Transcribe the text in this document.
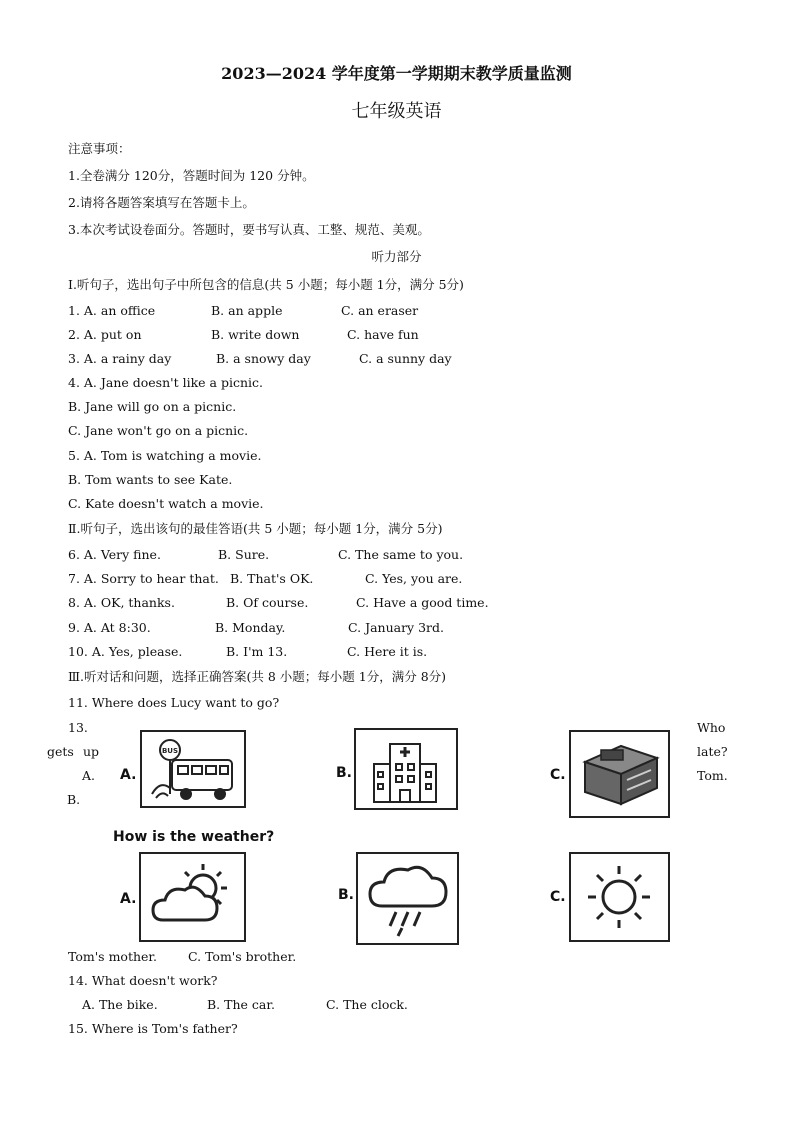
2023—2024 学年度第一学期期末教学质量监测
七年级英语
注意事项：
1.全卷满分 120分，答题时间为 120 分钟。
2.请将各题答案填写在答题卡上。
3.本次考试设卷面分。答题时，要书写认真、工整、规范、美观。
听力部分
Ⅰ.听句子，选出句子中所包含的信息(共 5 小题；每小题 1分，满分 5分)
1. A. an office	B. an apple	C. an eraser
2. A. put on	B. write down	C. have fun
3. A. a rainy day	B. a snowy day	C. a sunny day
4. A. Jane doesn't like a picnic.
B. Jane will go on a picnic.
C. Jane won't go on a picnic.
5. A. Tom is watching a movie.
B. Tom wants to see Kate.
C. Kate doesn't watch a movie.
Ⅱ.听句子，选出该句的最佳答语(共 5 小题；每小题 1分，满分 5分)
6. A. Very fine.	B. Sure.	C. The same to you.
7. A. Sorry to hear that. B. That's OK.	C. Yes, you are.
8. A. OK, thanks.	B. Of course.	C. Have a good time.
9. A. At 8:30.	B. Monday.	C. January 3rd.
10. A. Yes, please.	B. I'm 13.	C. Here it is.
Ⅲ.听对话和问题，选择正确答案(共 8 小题；每小题 1分，满分 8分)
11. Where does Lucy want to go?
13.
gets up
A.
B.
Who
late?
Tom.
A.
BUS
B.	C.
How is the weather?
A.	B.	C.
Tom's mother. C. Tom's brother.
14. What doesn't work?
A. The bike.	B. The car.	C. The clock.
15. Where is Tom's father?
